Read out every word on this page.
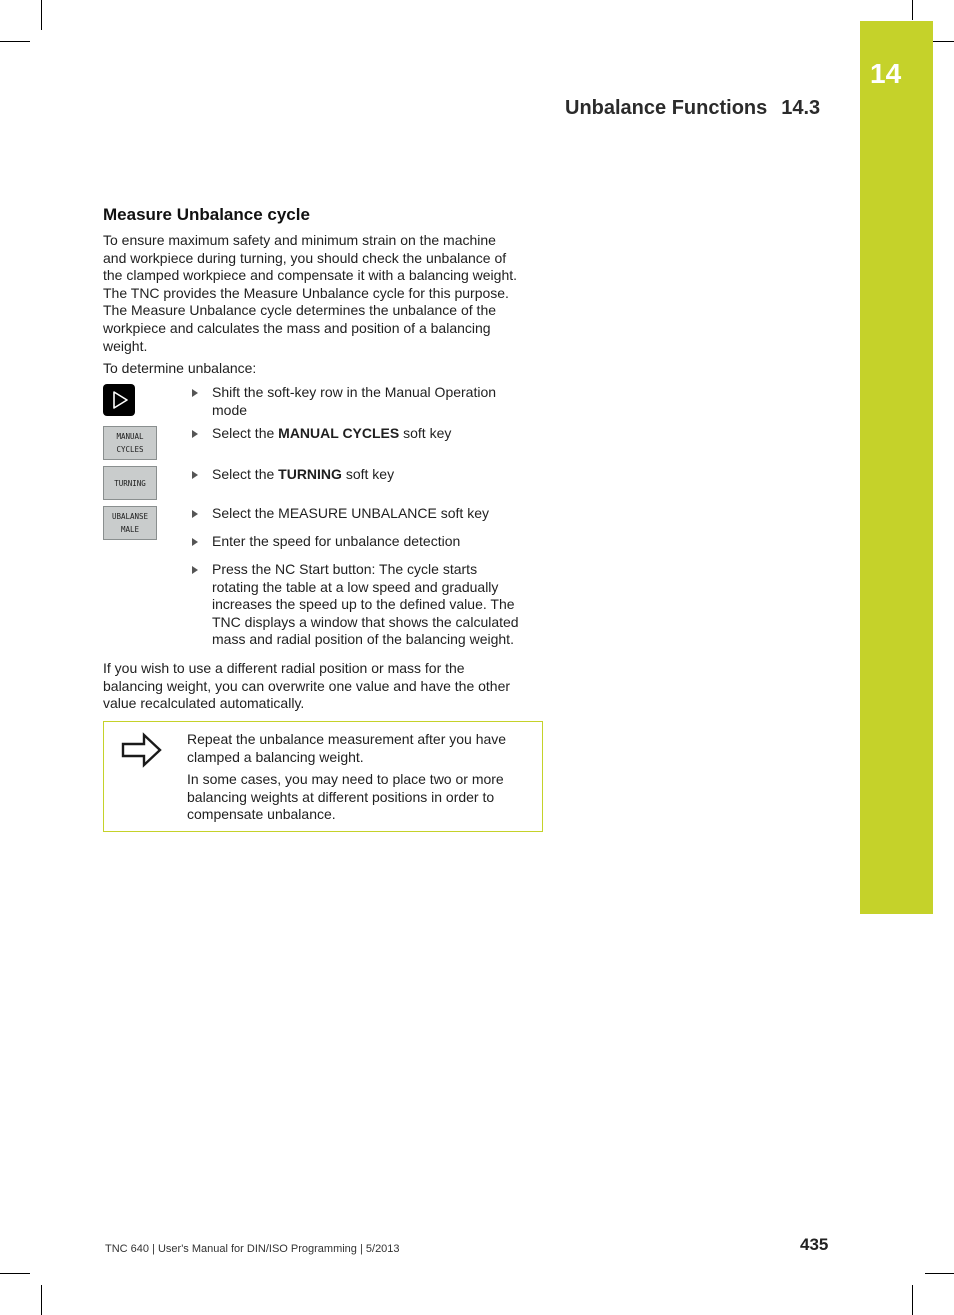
14
Unbalance Functions 14.3
Measure Unbalance cycle
To ensure maximum safety and minimum strain on the machine
and workpiece during turning, you should check the unbalance of
the clamped workpiece and compensate it with a balancing weight.
The TNC provides the Measure Unbalance cycle for this purpose.
The Measure Unbalance cycle determines the unbalance of the
workpiece and calculates the mass and position of a balancing
weight.
To determine unbalance:
MANUAL
CYCLES
TURNING
UBALANSE
MALE
Shift the soft-key row in the Manual Operation
mode
Select the MANUAL CYCLES soft key
Select the TURNING soft key
Select the MEASURE UNBALANCE soft key
Enter the speed for unbalance detection
Press the NC Start button: The cycle starts
rotating the table at a low speed and gradually
increases the speed up to the defined value. The
TNC displays a window that shows the calculated
mass and radial position of the balancing weight.
If you wish to use a different radial position or mass for the
balancing weight, you can overwrite one value and have the other
value recalculated automatically.

Repeat the unbalance measurement after you have
clamped a balancing weight.

In some cases, you may need to place two or more
balancing weights at different positions in order to
compensate unbalance.

TNC 640 | User's Manual for DIN/ISO Programming | 5/2013	435
